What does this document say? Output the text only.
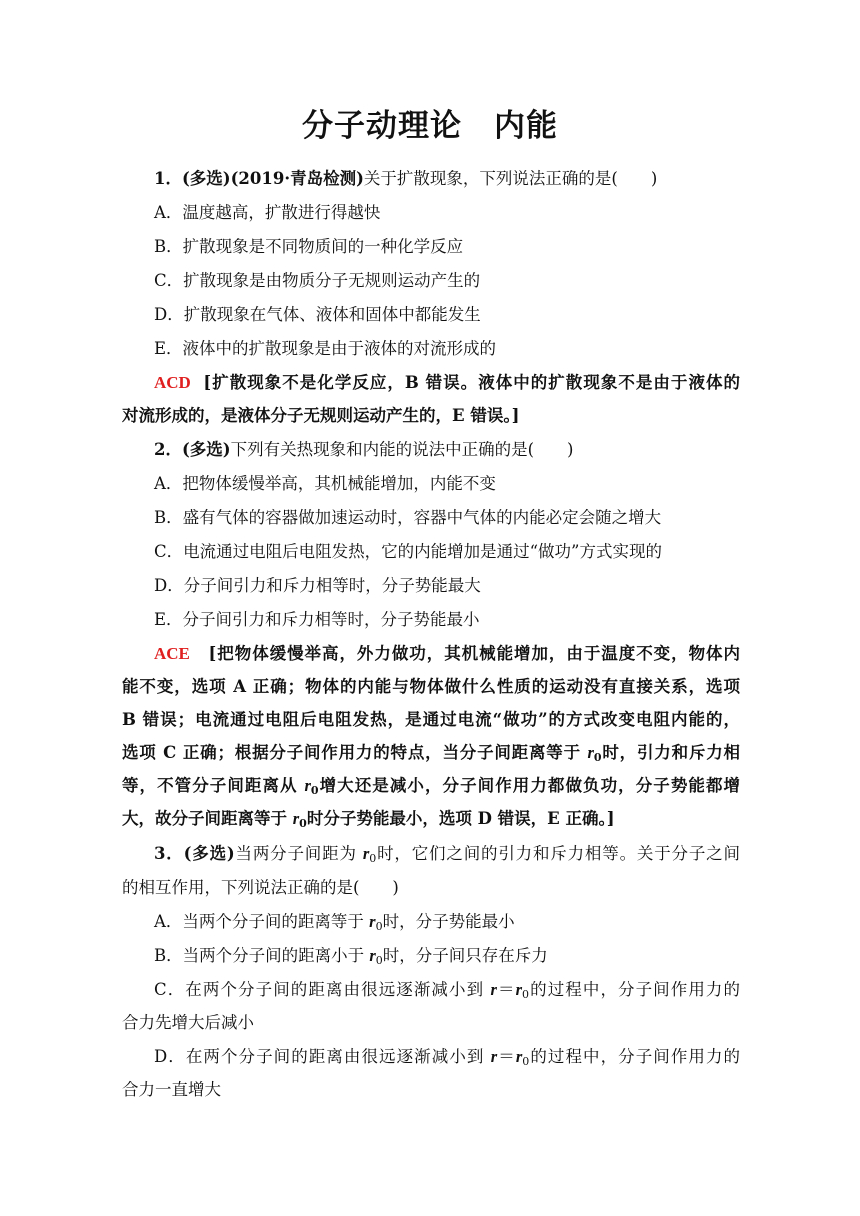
分子动理论　内能
1．(多选)(2019·青岛检测)关于扩散现象，下列说法正确的是(　　)
A．温度越高，扩散进行得越快
B．扩散现象是不同物质间的一种化学反应
C．扩散现象是由物质分子无规则运动产生的
D．扩散现象在气体、液体和固体中都能发生
E．液体中的扩散现象是由于液体的对流形成的
ACD [扩散现象不是化学反应，B 错误。液体中的扩散现象不是由于液体的
对流形成的，是液体分子无规则运动产生的，E 错误。]
2．(多选)下列有关热现象和内能的说法中正确的是(　　)
A．把物体缓慢举高，其机械能增加，内能不变
B．盛有气体的容器做加速运动时，容器中气体的内能必定会随之增大
C．电流通过电阻后电阻发热，它的内能增加是通过“做功”方式实现的
D．分子间引力和斥力相等时，分子势能最大
E．分子间引力和斥力相等时，分子势能最小
ACE [把物体缓慢举高，外力做功，其机械能增加，由于温度不变，物体内
能不变，选项 A 正确；物体的内能与物体做什么性质的运动没有直接关系，选项
B 错误；电流通过电阻后电阻发热，是通过电流“做功”的方式改变电阻内能的，
选项 C 正确；根据分子间作用力的特点，当分子间距离等于 $r_0$时，引力和斥力相
等，不管分子间距离从 $r_0$增大还是减小，分子间作用力都做负功，分子势能都增
大，故分子间距离等于 $r_0$时分子势能最小，选项 D 错误，E 正确。]
3．(多选)当两分子间距为 $r_0$时，它们之间的引力和斥力相等。关于分子之间
的相互作用，下列说法正确的是(　　)
A．当两个分子间的距离等于 $r_0$时，分子势能最小
B．当两个分子间的距离小于 $r_0$时，分子间只存在斥力
C．在两个分子间的距离由很远逐渐减小到 $r=r_0$的过程中，分子间作用力的
合力先增大后减小
D．在两个分子间的距离由很远逐渐减小到 $r=r_0$的过程中，分子间作用力的
合力一直增大
